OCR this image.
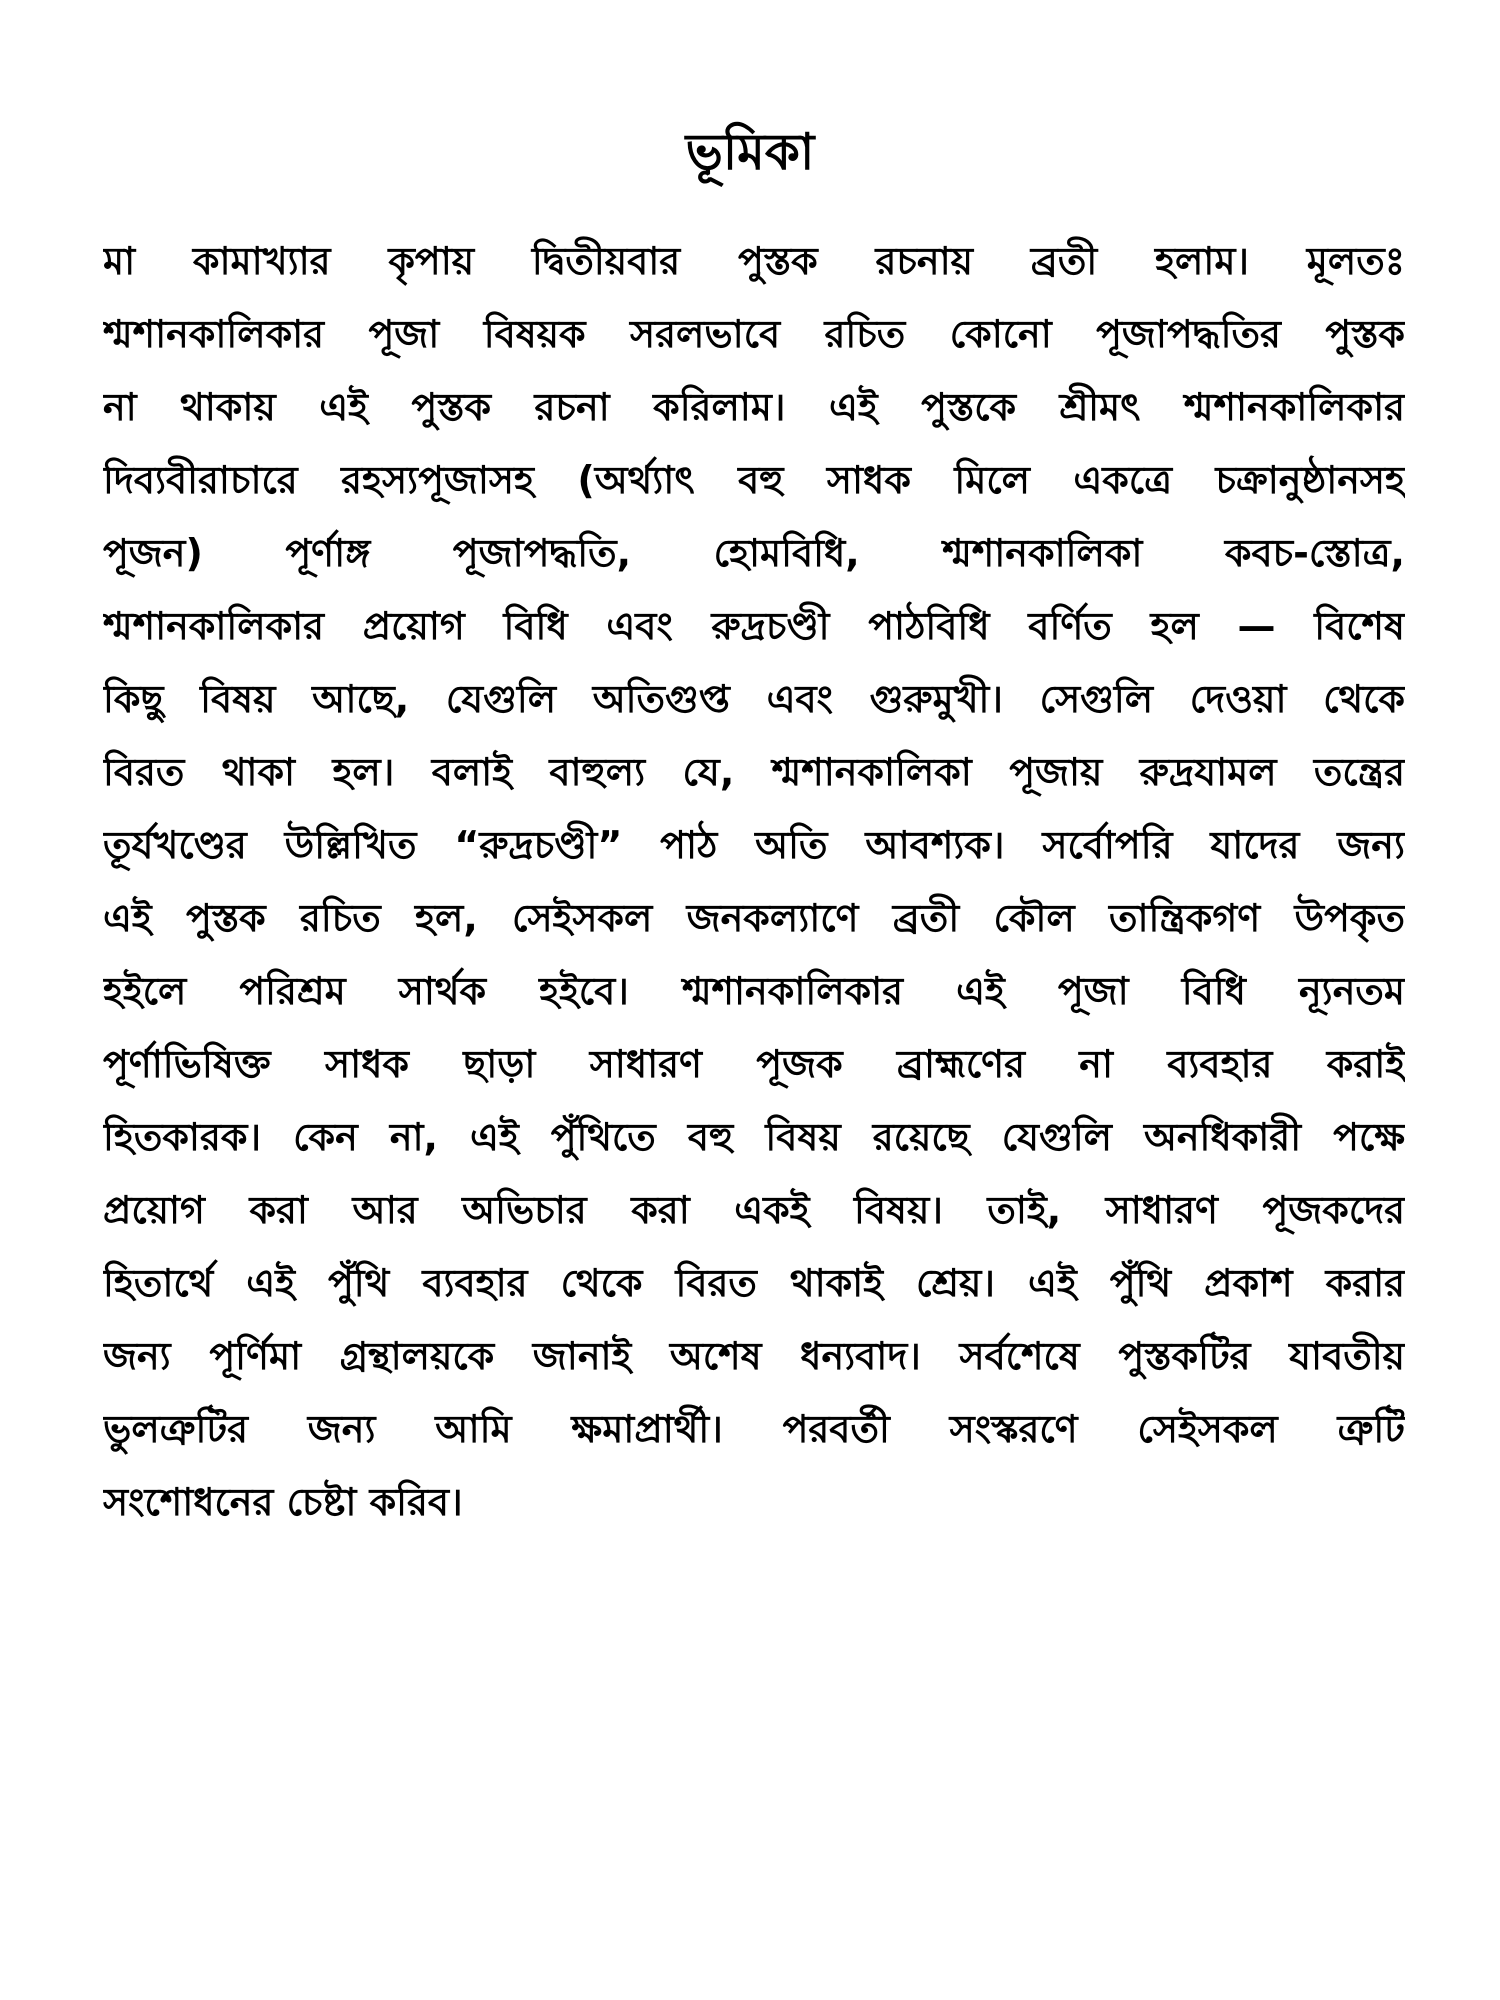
ভূমিকা
মা কামাখ্যার কৃপায় দ্বিতীয়বার পুস্তক রচনায় ব্রতী হলাম। মূলতঃ
শ্মশানকালিকার পূজা বিষয়ক সরলভাবে রচিত কোনো পূজাপদ্ধতির পুস্তক
না থাকায় এই পুস্তক রচনা করিলাম। এই পুস্তকে শ্রীমৎ শ্মশানকালিকার
দিব্যবীরাচারে রহস্যপূজাসহ (অর্থ্যাৎ বহু সাধক মিলে একত্রে চক্রানুষ্ঠানসহ
পূজন) পূর্ণাঙ্গ পূজাপদ্ধতি, হোমবিধি, শ্মশানকালিকা কবচ-স্তোত্র,
শ্মশানকালিকার প্রয়োগ বিধি এবং রুদ্রচণ্ডী পাঠবিধি বর্ণিত হল — বিশেষ
কিছু বিষয় আছে, যেগুলি অতিগুপ্ত এবং গুরুমুখী। সেগুলি দেওয়া থেকে
বিরত থাকা হল। বলাই বাহুল্য যে, শ্মশানকালিকা পূজায় রুদ্রযামল তন্ত্রের
তূর্যখণ্ডের উল্লিখিত “রুদ্রচণ্ডী” পাঠ অতি আবশ্যক। সর্বোপরি যাদের জন্য
এই পুস্তক রচিত হল, সেইসকল জনকল্যাণে ব্রতী কৌল তান্ত্রিকগণ উপকৃত
হইলে পরিশ্রম সার্থক হইবে। শ্মশানকালিকার এই পূজা বিধি ন্যূনতম
পূর্ণাভিষিক্ত সাধক ছাড়া সাধারণ পূজক ব্রাহ্মণের না ব্যবহার করাই
হিতকারক। কেন না, এই পুঁথিতে বহু বিষয় রয়েছে যেগুলি অনধিকারী পক্ষে
প্রয়োগ করা আর অভিচার করা একই বিষয়। তাই, সাধারণ পূজকদের
হিতার্থে এই পুঁথি ব্যবহার থেকে বিরত থাকাই শ্রেয়। এই পুঁথি প্রকাশ করার
জন্য পূর্ণিমা গ্রন্থালয়কে জানাই অশেষ ধন্যবাদ। সর্বশেষে পুস্তকটির যাবতীয়
ভুলত্রুটির জন্য আমি ক্ষমাপ্রার্থী। পরবর্তী সংস্করণে সেইসকল ত্রুটি
সংশোধনের চেষ্টা করিব।
